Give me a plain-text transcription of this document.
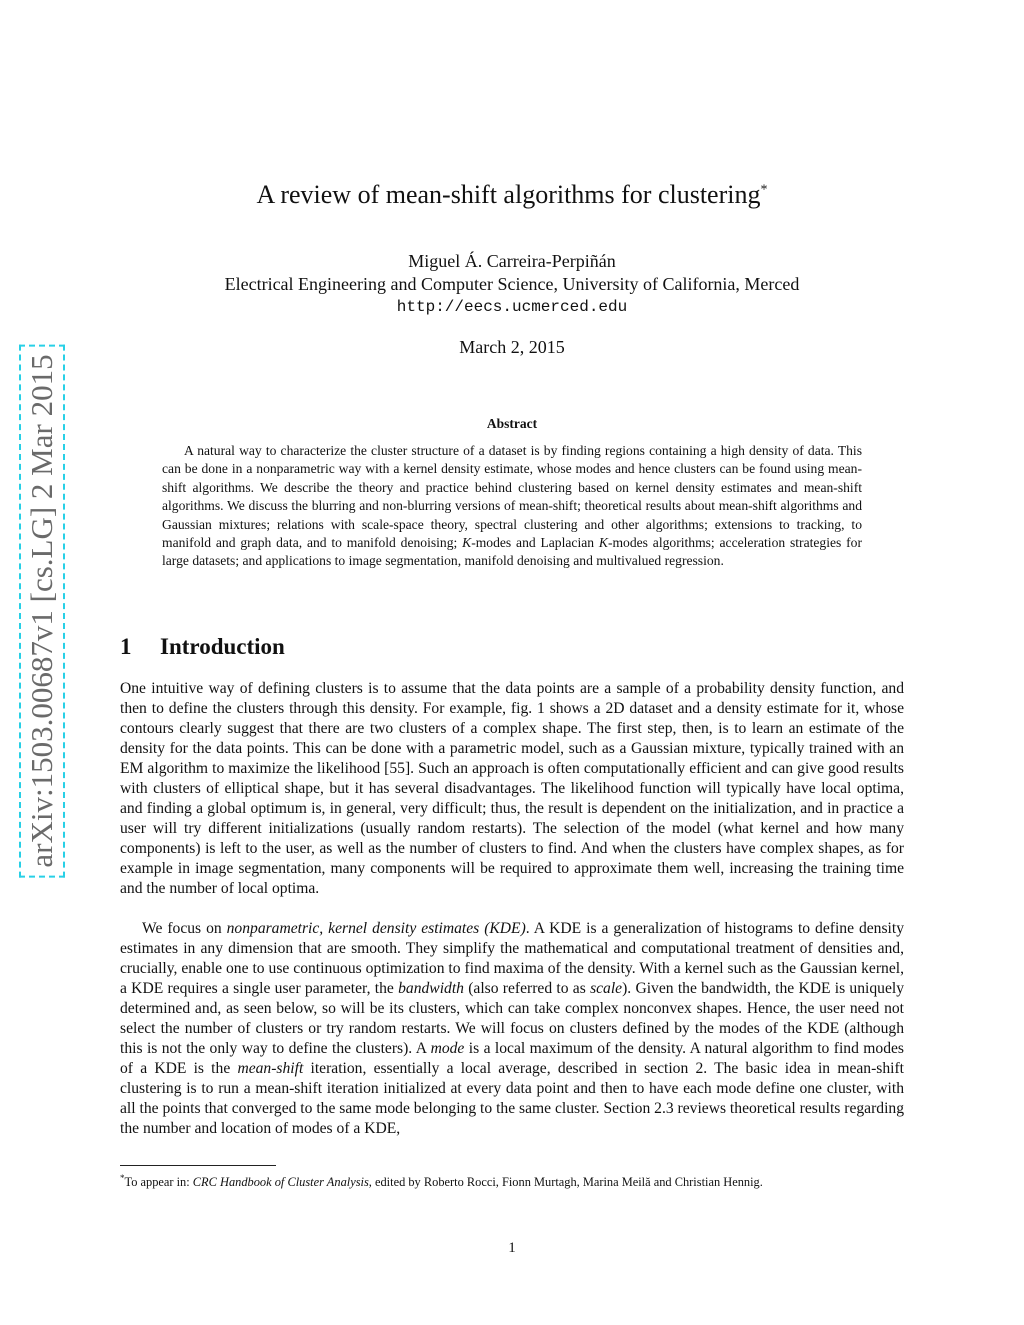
arXiv:1503.00687v1 [cs.LG] 2 Mar 2015
A review of mean-shift algorithms for clustering*
Miguel Á. Carreira-Perpiñán
Electrical Engineering and Computer Science, University of California, Merced
http://eecs.ucmerced.edu
March 2, 2015
Abstract

A natural way to characterize the cluster structure of a dataset is by finding regions containing a high density of data. This can be done in a nonparametric way with a kernel density estimate, whose modes and hence clusters can be found using mean-shift algorithms. We describe the theory and practice behind clustering based on kernel density estimates and mean-shift algorithms. We discuss the blurring and non-blurring versions of mean-shift; theoretical results about mean-shift algorithms and Gaussian mixtures; relations with scale-space theory, spectral clustering and other algorithms; extensions to tracking, to manifold and graph data, and to manifold denoising; K-modes and Laplacian K-modes algorithms; acceleration strategies for large datasets; and applications to image segmentation, manifold denoising and multivalued regression.

1 Introduction

One intuitive way of defining clusters is to assume that the data points are a sample of a probability density function, and then to define the clusters through this density. For example, fig. 1 shows a 2D dataset and a density estimate for it, whose contours clearly suggest that there are two clusters of a complex shape. The first step, then, is to learn an estimate of the density for the data points. This can be done with a parametric model, such as a Gaussian mixture, typically trained with an EM algorithm to maximize the likelihood [55]. Such an approach is often computationally efficient and can give good results with clusters of elliptical shape, but it has several disadvantages. The likelihood function will typically have local optima, and finding a global optimum is, in general, very difficult; thus, the result is dependent on the initialization, and in practice a user will try different initializations (usually random restarts). The selection of the model (what kernel and how many components) is left to the user, as well as the number of clusters to find. And when the clusters have complex shapes, as for example in image segmentation, many components will be required to approximate them well, increasing the training time and the number of local optima.

We focus on nonparametric, kernel density estimates (KDE). A KDE is a generalization of histograms to define density estimates in any dimension that are smooth. They simplify the mathematical and computational treatment of densities and, crucially, enable one to use continuous optimization to find maxima of the density. With a kernel such as the Gaussian kernel, a KDE requires a single user parameter, the bandwidth (also referred to as scale). Given the bandwidth, the KDE is uniquely determined and, as seen below, so will be its clusters, which can take complex nonconvex shapes. Hence, the user need not select the number of clusters or try random restarts. We will focus on clusters defined by the modes of the KDE (although this is not the only way to define the clusters). A mode is a local maximum of the density. A natural algorithm to find modes of a KDE is the mean-shift iteration, essentially a local average, described in section 2. The basic idea in mean-shift clustering is to run a mean-shift iteration initialized at every data point and then to have each mode define one cluster, with all the points that converged to the same mode belonging to the same cluster. Section 2.3 reviews theoretical results regarding the number and location of modes of a KDE,

*To appear in: CRC Handbook of Cluster Analysis, edited by Roberto Rocci, Fionn Murtagh, Marina Meilă and Christian Hennig.

1
